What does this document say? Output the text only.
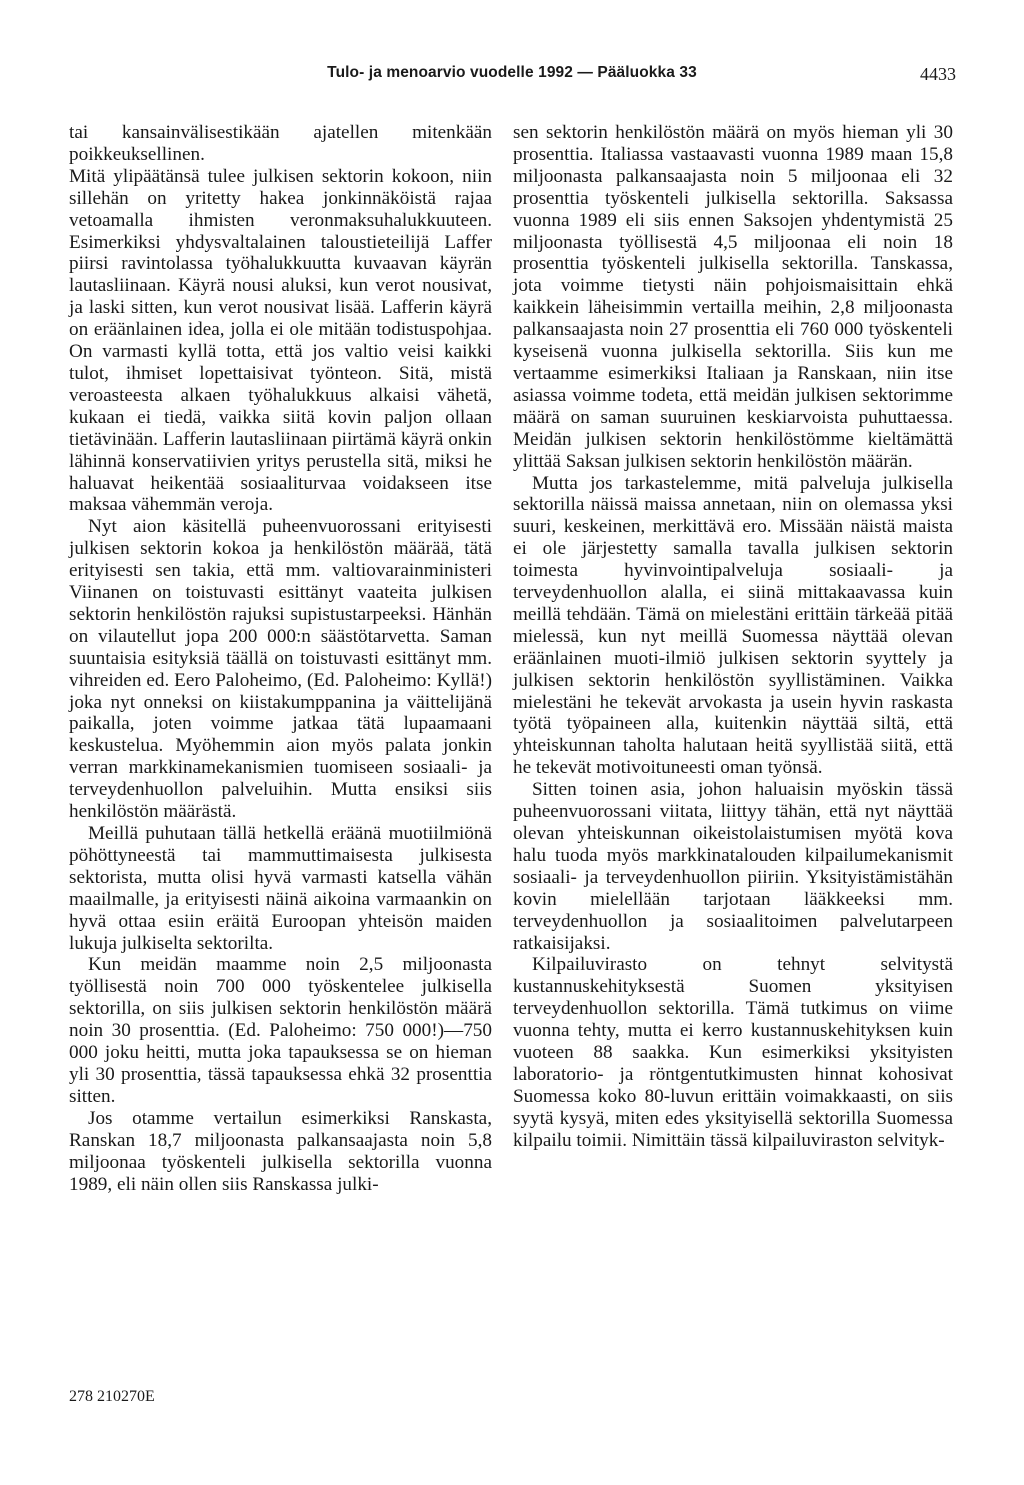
Tulo- ja menoarvio vuodelle 1992 — Pääluokka 33	4433

tai kansainvälisestikään ajatellen mitenkään poikkeuksellinen.

Mitä ylipäätänsä tulee julkisen sektorin kokoon, niin sillehän on yritetty hakea jonkinnäköistä rajaa vetoamalla ihmisten veronmaksuhalukkuuteen. Esimerkiksi yhdysvaltalainen taloustieteilijä Laffer piirsi ravintolassa työhalukkuutta kuvaavan käyrän lautasliinaan. Käyrä nousi aluksi, kun verot nousivat, ja laski sitten, kun verot nousivat lisää. Lafferin käyrä on eräänlainen idea, jolla ei ole mitään todistuspohjaa. On varmasti kyllä totta, että jos valtio veisi kaikki tulot, ihmiset lopettaisivat työnteon. Sitä, mistä veroasteesta alkaen työhalukkuus alkaisi vähetä, kukaan ei tiedä, vaikka siitä kovin paljon ollaan tietävinään. Lafferin lautasliinaan piirtämä käyrä onkin lähinnä konservatiivien yritys perustella sitä, miksi he haluavat heikentää sosiaaliturvaa voidakseen itse maksaa vähemmän veroja.

Nyt aion käsitellä puheenvuorossani erityisesti julkisen sektorin kokoa ja henkilöstön määrää, tätä erityisesti sen takia, että mm. valtiovarainministeri Viinanen on toistuvasti esittänyt vaateita julkisen sektorin henkilöstön rajuksi supistustarpeeksi. Hänhän on vilautellut jopa 200 000:n säästötarvetta. Saman suuntaisia esityksiä täällä on toistuvasti esittänyt mm. vihreiden ed. Eero Paloheimo, (Ed. Paloheimo: Kyllä!) joka nyt onneksi on kiistakumppanina ja väittelijänä paikalla, joten voimme jatkaa tätä lupaamaani keskustelua. Myöhemmin aion myös palata jonkin verran markkinamekanismien tuomiseen sosiaali- ja terveydenhuollon palveluihin. Mutta ensiksi siis henkilöstön määrästä.

Meillä puhutaan tällä hetkellä eräänä muotiilmiönä pöhöttyneestä tai mammuttimaisesta julkisesta sektorista, mutta olisi hyvä varmasti katsella vähän maailmalle, ja erityisesti näinä aikoina varmaankin on hyvä ottaa esiin eräitä Euroopan yhteisön maiden lukuja julkiselta sektorilta.

Kun meidän maamme noin 2,5 miljoonasta työllisestä noin 700 000 työskentelee julkisella sektorilla, on siis julkisen sektorin henkilöstön määrä noin 30 prosenttia. (Ed. Paloheimo: 750 000!)—750 000 joku heitti, mutta joka tapauksessa se on hieman yli 30 prosenttia, tässä tapauksessa ehkä 32 prosenttia sitten.

Jos otamme vertailun esimerkiksi Ranskasta, Ranskan 18,7 miljoonasta palkansaajasta noin 5,8 miljoonaa työskenteli julkisella sektorilla vuonna 1989, eli näin ollen siis Ranskassa julki-

sen sektorin henkilöstön määrä on myös hieman yli 30 prosenttia. Italiassa vastaavasti vuonna 1989 maan 15,8 miljoonasta palkansaajasta noin 5 miljoonaa eli 32 prosenttia työskenteli julkisella sektorilla. Saksassa vuonna 1989 eli siis ennen Saksojen yhdentymistä 25 miljoonasta työllisestä 4,5 miljoonaa eli noin 18 prosenttia työskenteli julkisella sektorilla. Tanskassa, jota voimme tietysti näin pohjoismaisittain ehkä kaikkein läheisimmin vertailla meihin, 2,8 miljoonasta palkansaajasta noin 27 prosenttia eli 760 000 työskenteli kyseisenä vuonna julkisella sektorilla. Siis kun me vertaamme esimerkiksi Italiaan ja Ranskaan, niin itse asiassa voimme todeta, että meidän julkisen sektorimme määrä on saman suuruinen keskiarvoista puhuttaessa. Meidän julkisen sektorin henkilöstömme kieltämättä ylittää Saksan julkisen sektorin henkilöstön määrän.

Mutta jos tarkastelemme, mitä palveluja julkisella sektorilla näissä maissa annetaan, niin on olemassa yksi suuri, keskeinen, merkittävä ero. Missään näistä maista ei ole järjestetty samalla tavalla julkisen sektorin toimesta hyvinvointipalveluja sosiaali- ja terveydenhuollon alalla, ei siinä mittakaavassa kuin meillä tehdään. Tämä on mielestäni erittäin tärkeää pitää mielessä, kun nyt meillä Suomessa näyttää olevan eräänlainen muoti-ilmiö julkisen sektorin syyttely ja julkisen sektorin henkilöstön syyllistäminen. Vaikka mielestäni he tekevät arvokasta ja usein hyvin raskasta työtä työpaineen alla, kuitenkin näyttää siltä, että yhteiskunnan taholta halutaan heitä syyllistää siitä, että he tekevät motivoituneesti oman työnsä.

Sitten toinen asia, johon haluaisin myöskin tässä puheenvuorossani viitata, liittyy tähän, että nyt näyttää olevan yhteiskunnan oikeistolaistumisen myötä kova halu tuoda myös markkinatalouden kilpailumekanismit sosiaali- ja terveydenhuollon piiriin. Yksityistämistähän kovin mielellään tarjotaan lääkkeeksi mm. terveydenhuollon ja sosiaalitoimen palvelutarpeen ratkaisijaksi.

Kilpailuvirasto on tehnyt selvitystä kustannuskehityksestä Suomen yksityisen terveydenhuollon sektorilla. Tämä tutkimus on viime vuonna tehty, mutta ei kerro kustannuskehityksen kuin vuoteen 88 saakka. Kun esimerkiksi yksityisten laboratorio- ja röntgentutkimusten hinnat kohosivat Suomessa koko 80-luvun erittäin voimakkaasti, on siis syytä kysyä, miten edes yksityisellä sektorilla Suomessa kilpailu toimii. Nimittäin tässä kilpailuviraston selvityk-

278 210270E
